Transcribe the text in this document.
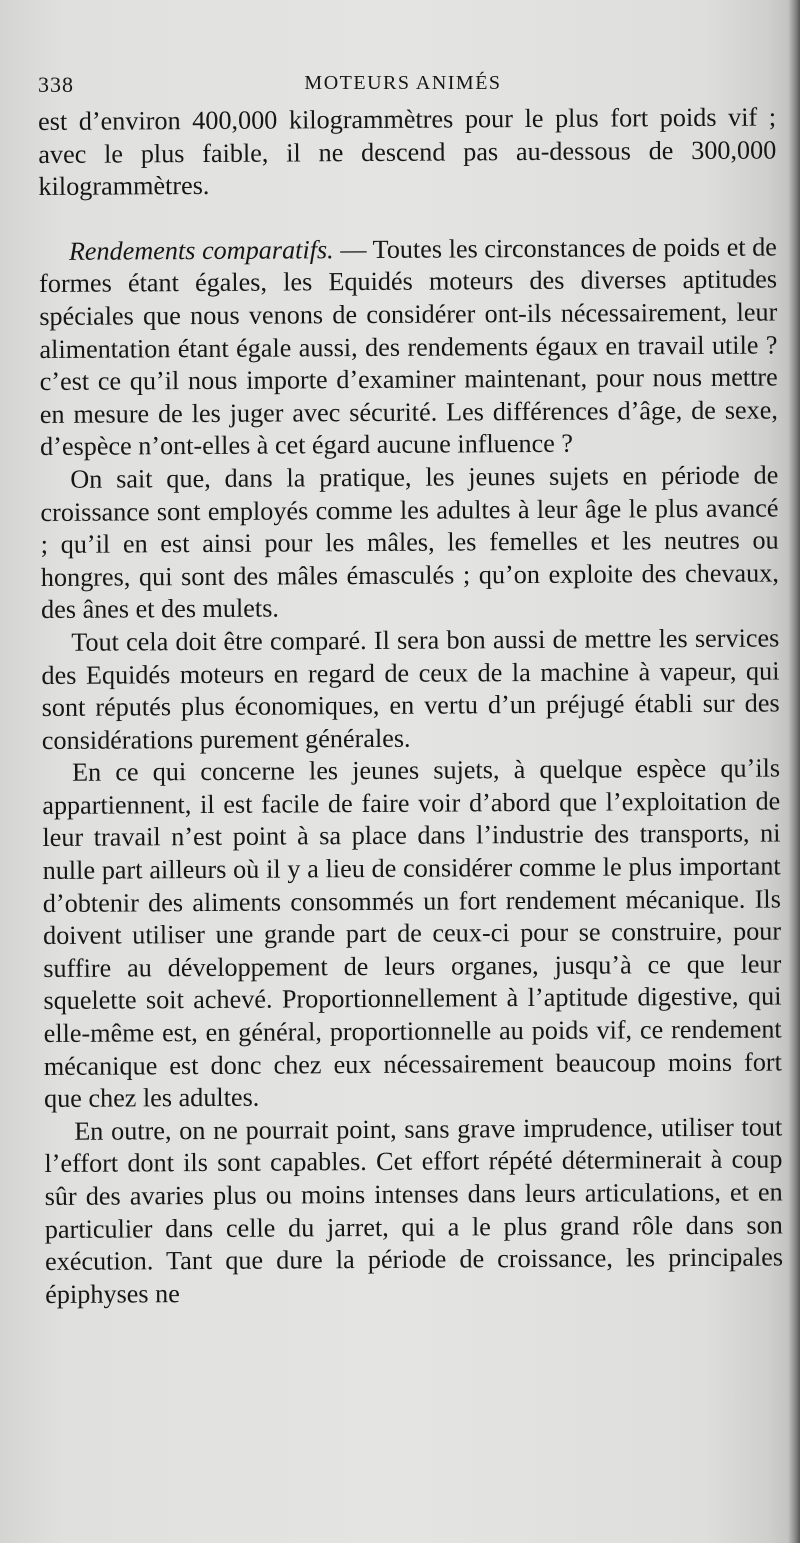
338	MOTEURS ANIMÉS

est d’environ 400,000 kilogrammètres pour le plus fort poids vif ; avec le plus faible, il ne descend pas au-dessous de 300,000 kilogrammètres.

Rendements comparatifs. — Toutes les circonstances de poids et de formes étant égales, les Equidés moteurs des diverses aptitudes spéciales que nous venons de considérer ont-ils nécessairement, leur alimentation étant égale aussi, des rendements égaux en travail utile ? c’est ce qu’il nous importe d’examiner maintenant, pour nous mettre en mesure de les juger avec sécurité. Les différences d’âge, de sexe, d’espèce n’ont-elles à cet égard aucune influence ?

On sait que, dans la pratique, les jeunes sujets en période de croissance sont employés comme les adultes à leur âge le plus avancé ; qu’il en est ainsi pour les mâles, les femelles et les neutres ou hongres, qui sont des mâles émasculés ; qu’on exploite des chevaux, des ânes et des mulets.

Tout cela doit être comparé. Il sera bon aussi de mettre les services des Equidés moteurs en regard de ceux de la machine à vapeur, qui sont réputés plus économiques, en vertu d’un préjugé établi sur des considérations purement générales.

En ce qui concerne les jeunes sujets, à quelque espèce qu’ils appartiennent, il est facile de faire voir d’abord que l’exploitation de leur travail n’est point à sa place dans l’industrie des transports, ni nulle part ailleurs où il y a lieu de considérer comme le plus important d’obtenir des aliments consommés un fort rendement mécanique. Ils doivent utiliser une grande part de ceux-ci pour se construire, pour suffire au développement de leurs organes, jusqu’à ce que leur squelette soit achevé. Proportionnellement à l’aptitude digestive, qui elle-même est, en général, proportionnelle au poids vif, ce rendement mécanique est donc chez eux nécessairement beaucoup moins fort que chez les adultes.

En outre, on ne pourrait point, sans grave imprudence, utiliser tout l’effort dont ils sont capables. Cet effort répété déterminerait à coup sûr des avaries plus ou moins intenses dans leurs articulations, et en particulier dans celle du jarret, qui a le plus grand rôle dans son exécution. Tant que dure la période de croissance, les principales épiphyses ne
